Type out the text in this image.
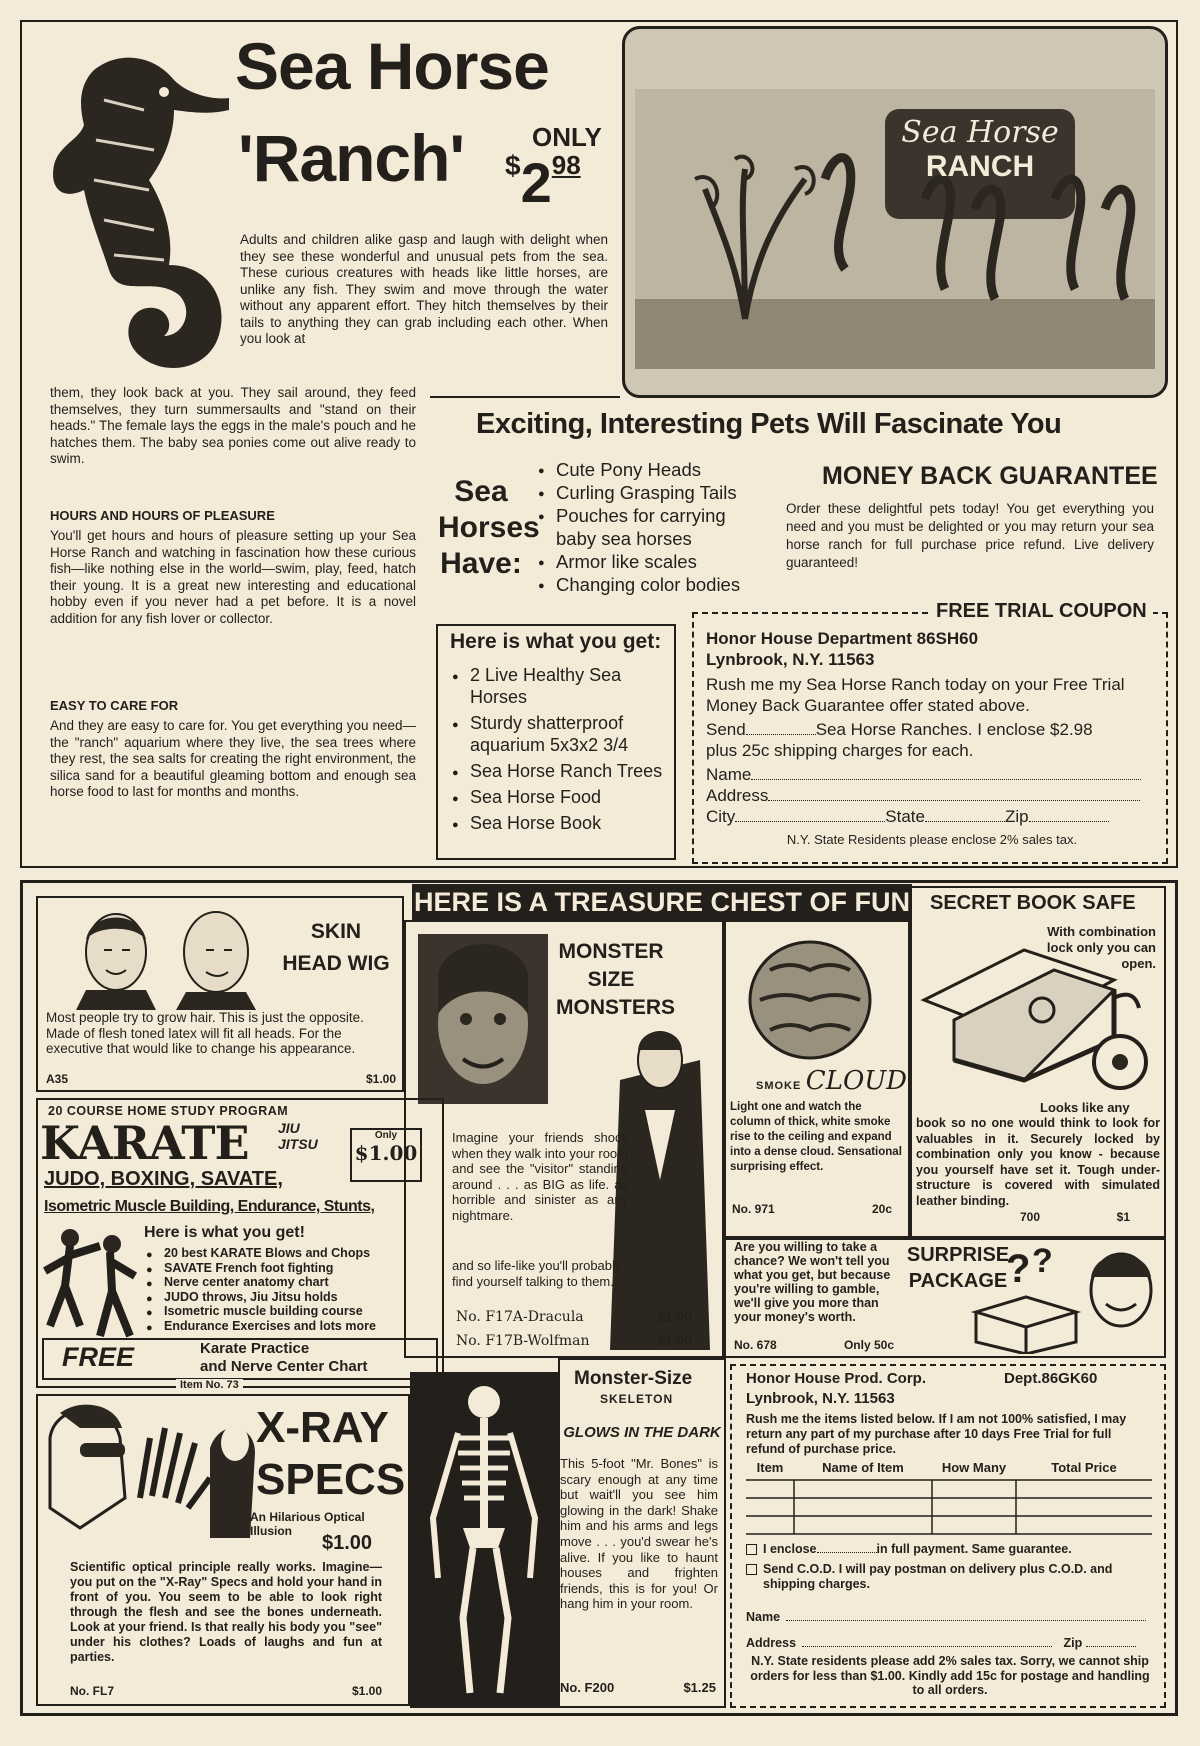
Sea Horse
'Ranch'	ONLY
$298
Sea Horse
RANCH

Adults and children alike gasp and laugh with delight when they see these wonderful and unusual pets from the sea. These curious creatures with heads like little horses, are unlike any fish. They swim and move through the water without any apparent effort. They hitch themselves by their tails to anything they can grab including each other. When you look at

them, they look back at you. They sail around, they feed themselves, they turn summersaults and "stand on their heads." The female lays the eggs in the male's pouch and he hatches them. The baby sea ponies come out alive ready to swim.

HOURS AND HOURS OF PLEASURE

You'll get hours and hours of pleasure setting up your Sea Horse Ranch and watching in fascination how these curious fish—like nothing else in the world—swim, play, feed, hatch their young. It is a great new interesting and educational hobby even if you never had a pet before. It is a novel addition for any fish lover or collector.

EASY TO CARE FOR

And they are easy to care for. You get everything you need—the "ranch" aquarium where they live, the sea trees where they rest, the sea salts for creating the right environment, the silica sand for a beautiful gleaming bottom and enough sea horse food to last for months and months.

Exciting, Interesting Pets Will Fascinate You
Sea
Horses
Have:
● Cute Pony Heads
● Curling Grasping Tails
● Pouches for carrying baby sea horses
● Armor like scales
● Changing color bodies
MONEY BACK GUARANTEE

Order these delightful pets today! You get everything you need and you must be delighted or you may return your sea horse ranch for full purchase price refund. Live delivery guaranteed!

Here is what you get:
● 2 Live Healthy Sea Horses
● Sturdy shatterproof aquarium 5x3x2 3/4
● Sea Horse Ranch Trees
● Sea Horse Food
● Sea Horse Book
FREE TRIAL COUPON
Honor House Department 86SH60
Lynbrook, N.Y. 11563
Rush me my Sea Horse Ranch today on your Free Trial Money Back Guarantee offer stated above.
Send	Sea Horse Ranches. I enclose $2.98
plus 25c shipping charges for each.
Name
Address
City	State	Zip
N.Y. State Residents please enclose 2% sales tax.
HERE IS A TREASURE CHEST OF FUN
SKIN
HEAD WIG

Most people try to grow hair. This is just the opposite. Made of flesh toned latex will fit all heads. For the executive that would like to change his appearance.

A35	$1.00
MONSTER
SIZE
MONSTERS

Imagine your friends shock when they walk into your room and see the "visitor" standing around . . . as BIG as life. as horrible and sinister as any nightmare.

and so life-like you'll probably find yourself talking to them.

No. F17A-Dracula	$1.00
No. F17B-Wolfman	$1.00
SMOKE CLOUD

Light one and watch the column of thick, white smoke rise to the ceiling and expand into a dense cloud. Sensational surprising effect.

No. 971	20c
SECRET BOOK SAFE

With combination lock only you can open.

Looks like any

book so no one would think to look for valuables in it. Securely locked by combination only you know - because you yourself have set it. Tough under-structure is covered with simulated leather binding.

700	$1
20 COURSE HOME STUDY PROGRAM
KARATE JIU JITSU
Only
$1.00
JUDO, BOXING, SAVATE,
Isometric Muscle Building, Endurance, Stunts,
Here is what you get!
● 20 best KARATE Blows and Chops
● SAVATE French foot fighting
● Nerve center anatomy chart
● JUDO throws, Jiu Jitsu holds
● Isometric muscle building course
● Endurance Exercises and lots more
FREE	Karate Practice
and Nerve Center Chart
Item No. 73

Are you willing to take a chance? We won't tell you what you get, but because you're willing to gamble, we'll give you more than your money's worth.

No. 678	Only 50c
SURPRISE
PACKAGE
? ?
X-RAY
SPECS
An Hilarious Optical Illusion
$1.00

Scientific optical principle really works. Imagine—you put on the "X-Ray" Specs and hold your hand in front of you. You seem to be able to look right through the flesh and see the bones underneath. Look at your friend. Is that really his body you "see" under his clothes? Loads of laughs and fun at parties.

No. FL7	$1.00
Monster-Size
SKELETON
GLOWS IN THE DARK

This 5-foot "Mr. Bones" is scary enough at any time but wait'll you see him glowing in the dark! Shake him and his arms and legs move . . . you'd swear he's alive. If you like to haunt houses and frighten friends, this is for you! Or hang him in your room.

No. F200	$1.25
Honor House Prod. Corp.	Dept.86GK60
Lynbrook, N.Y. 11563

Rush me the items listed below. If I am not 100% satisfied, I may return any part of my purchase after 10 days Free Trial for full refund of purchase price.

Item	Name of Item	How Many	Total Price
I enclose	in full payment. Same guarantee.
Send C.O.D. I will pay postman on delivery plus C.O.D. and shipping charges.
Name
Address	Zip

N.Y. State residents please add 2% sales tax. Sorry, we cannot ship orders for less than $1.00. Kindly add 15c for postage and handling to all orders.
